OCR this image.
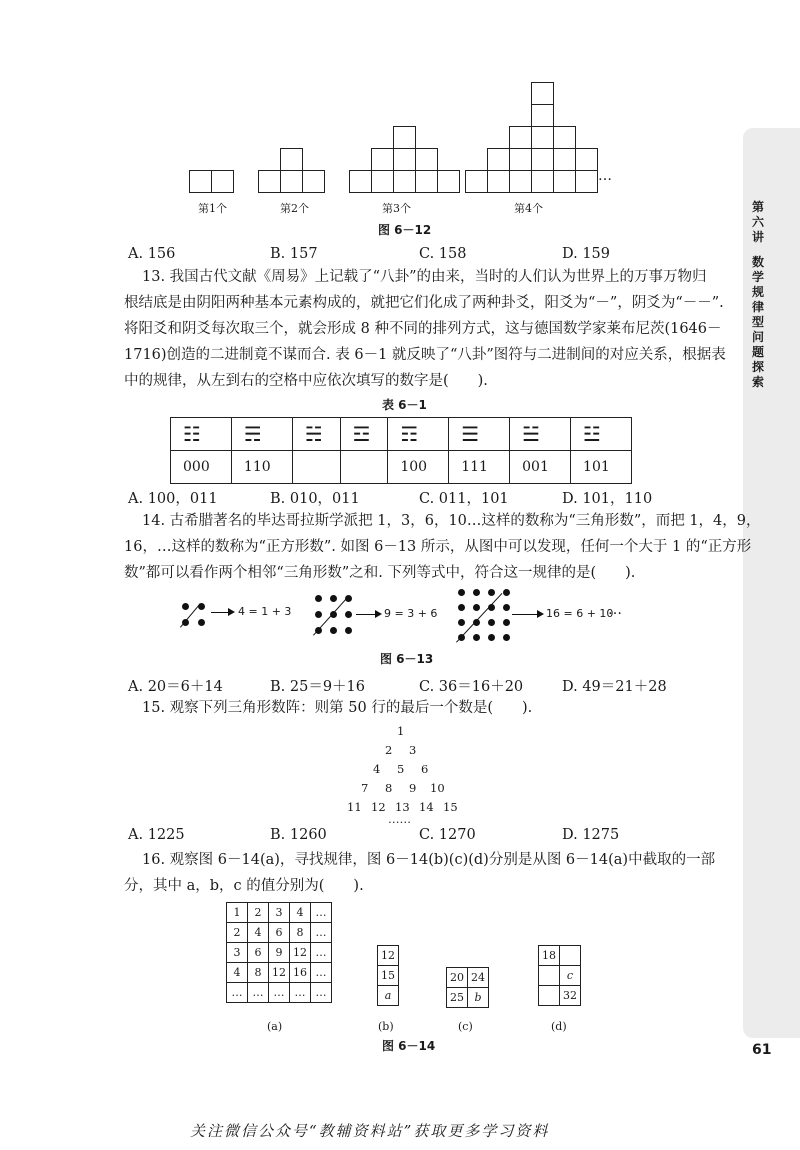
第六讲
数学规律型问题探索
61
…
第1个	第2个	第3个	第4个
图 6－12
A. 156	B. 157	C. 158	D. 159
13. 我国古代文献《周易》上记载了“八卦”的由来，当时的人们认为世界上的万事万物归
根结底是由阴阳两种基本元素构成的，就把它们化成了两种卦爻，阳爻为“－”，阴爻为“－－”.
将阳爻和阴爻每次取三个，就会形成 8 种不同的排列方式，这与德国数学家莱布尼茨(1646－
1716)创造的二进制竟不谋而合. 表 6－1 就反映了“八卦”图符与二进制间的对应关系，根据表
中的规律，从左到右的空格中应依次填写的数字是(　　).
表 6－1
☷	☴	☵	☲	☶	☰	☱	☳
000	110			100	111	001	101
A. 100，011	B. 010，011	C. 011，101	D. 101，110
14. 古希腊著名的毕达哥拉斯学派把 1，3，6，10…这样的数称为“三角形数”，而把 1，4，9，
16，…这样的数称为“正方形数”. 如图 6－13 所示，从图中可以发现，任何一个大于 1 的“正方形
数”都可以看作两个相邻“三角形数”之和. 下列等式中，符合这一规律的是(　　).
4 = 1 + 3	9 = 3 + 6	16 = 6 + 10
…
图 6－13
A. 20＝6＋14	B. 25＝9＋16	C. 36＝16＋20	D. 49＝21＋28
15. 观察下列三角形数阵：则第 50 行的最后一个数是(　　).
1
2 3
4 5 6
7 8 9 10
11 12 13 14 15
……
A. 1225	B. 1260	C. 1270	D. 1275
16. 观察图 6－14(a)，寻找规律，图 6－14(b)(c)(d)分别是从图 6－14(a)中截取的一部
分，其中 a，b，c 的值分别为(　　).
1	2	3	4	…
2	4	6	8	…
3	6	9	12	…
4	8	12	16	…
…	…	…	…	…
12
15
a
20	24
25	b
18	
	c
	32
(a)	(b)	(c)	(d)
图 6－14
关注微信公众号“教辅资料站”获取更多学习资料
